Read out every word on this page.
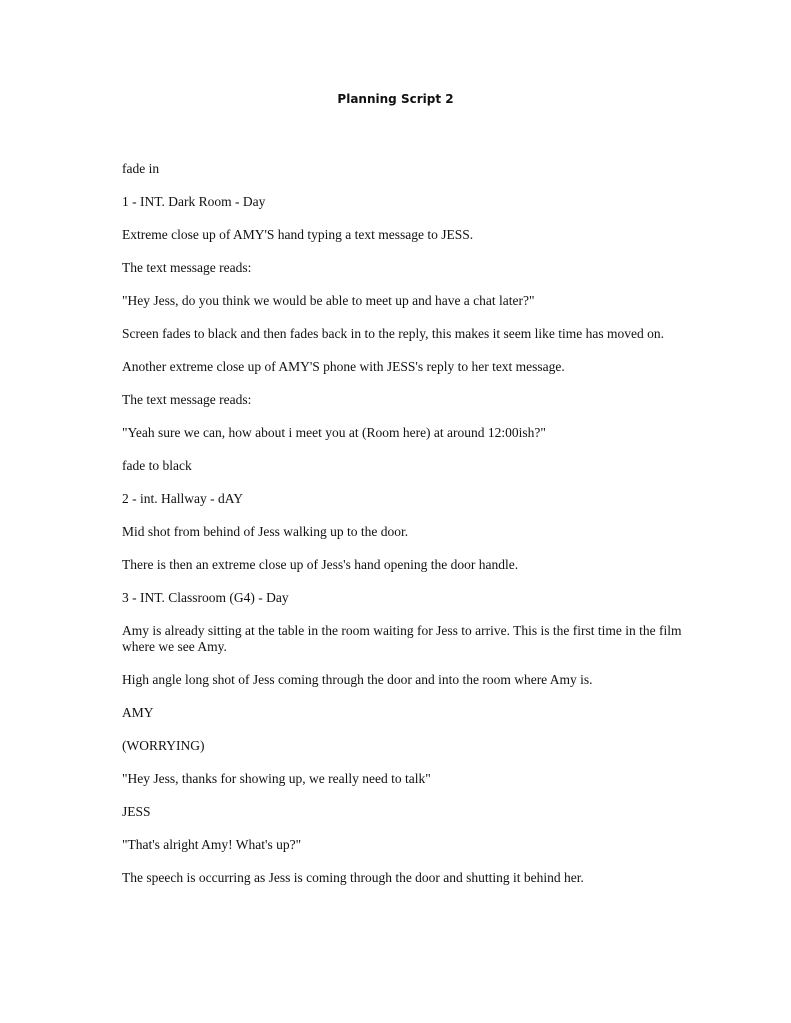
Planning Script 2

fade in

1 - INT. Dark Room - Day

Extreme close up of AMY'S hand typing a text message to JESS.

The text message reads:

"Hey Jess, do you think we would be able to meet up and have a chat later?"

Screen fades to black and then fades back in to the reply, this makes it seem like time has moved on.

Another extreme close up of AMY'S phone with JESS's reply to her text message.

The text message reads:

"Yeah sure we can, how about i meet you at (Room here) at around 12:00ish?"

fade to black

2 - int. Hallway - dAY

Mid shot from behind of Jess walking up to the door.

There is then an extreme close up of Jess's hand opening the door handle.

3 - INT. Classroom (G4) - Day

Amy is already sitting at the table in the room waiting for Jess to arrive. This is the first time in the film where we see Amy.

High angle long shot of Jess coming through the door and into the room where Amy is.

AMY

(WORRYING)

"Hey Jess, thanks for showing up, we really need to talk"

JESS

"That's alright Amy! What's up?"

The speech is occurring as Jess is coming through the door and shutting it behind her.
